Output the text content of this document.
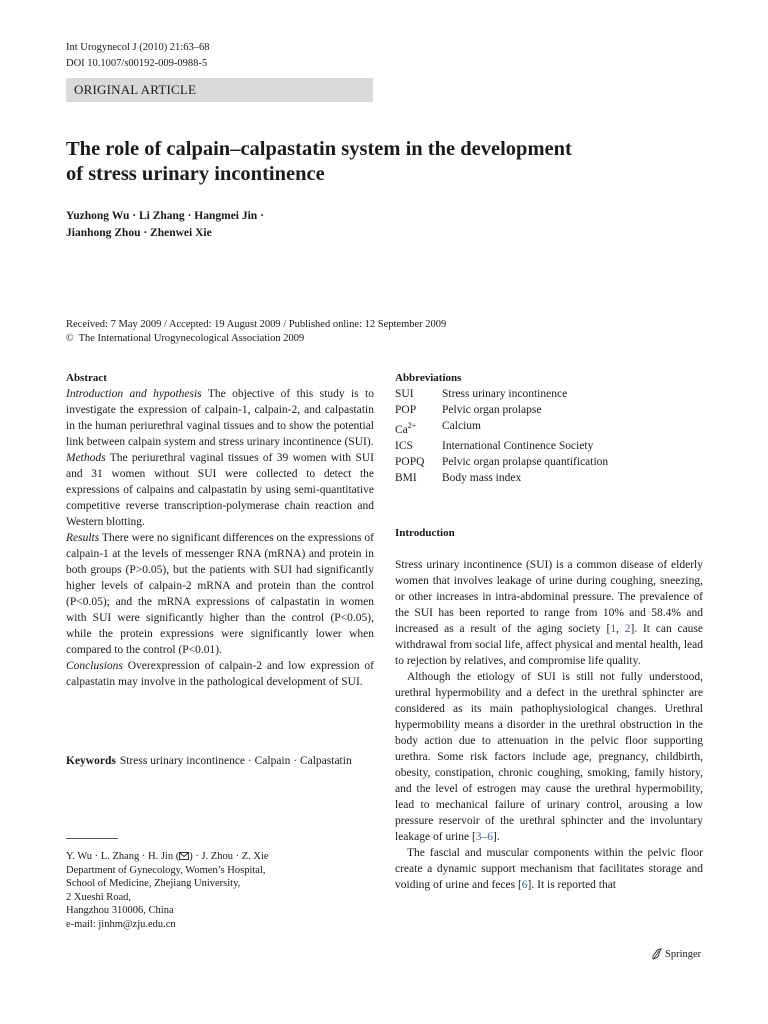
Int Urogynecol J (2010) 21:63–68
DOI 10.1007/s00192-009-0988-5
ORIGINAL ARTICLE
The role of calpain–calpastatin system in the development
of stress urinary incontinence
Yuzhong Wu · Li Zhang · Hangmei Jin ·
Jianhong Zhou · Zhenwei Xie
Received: 7 May 2009 / Accepted: 19 August 2009 / Published online: 12 September 2009
© The International Urogynecological Association 2009
Abstract
Introduction and hypothesis The objective of this study is to investigate the expression of calpain-1, calpain-2, and calpastatin in the human periurethral vaginal tissues and to show the potential link between calpain system and stress urinary incontinence (SUI).
Methods The periurethral vaginal tissues of 39 women with SUI and 31 women without SUI were collected to detect the expressions of calpains and calpastatin by using semi-quantitative competitive reverse transcription-polymerase chain reaction and Western blotting.
Results There were no significant differences on the expressions of calpain-1 at the levels of messenger RNA (mRNA) and protein in both groups (P>0.05), but the patients with SUI had significantly higher levels of calpain-2 mRNA and protein than the control (P<0.05); and the mRNA expressions of calpastatin in women with SUI were significantly higher than the control (P<0.05), while the protein expressions were significantly lower when compared to the control (P<0.01).
Conclusions Overexpression of calpain-2 and low expression of calpastatin may involve in the pathological development of SUI.
Keywords Stress urinary incontinence · Calpain · Calpastatin
Y. Wu · L. Zhang · H. Jin ( ) · J. Zhou · Z. Xie
Department of Gynecology, Women’s Hospital,
School of Medicine, Zhejiang University,
2 Xueshi Road,
Hangzhou 310006, China
e-mail: jinhm@zju.edu.cn
Abbreviations
SUI	Stress urinary incontinence
POP	Pelvic organ prolapse
$Ca^{2+}$	Calcium
ICS	International Continence Society
POPQ	Pelvic organ prolapse quantification
BMI	Body mass index
Introduction

Stress urinary incontinence (SUI) is a common disease of elderly women that involves leakage of urine during coughing, sneezing, or other increases in intra-abdominal pressure. The prevalence of the SUI has been reported to range from 10% and 58.4% and increased as a result of the aging society [1, 2]. It can cause withdrawal from social life, affect physical and mental health, lead to rejection by relatives, and compromise life quality.

Although the etiology of SUI is still not fully understood, urethral hypermobility and a defect in the urethral sphincter are considered as its main pathophysiological changes. Urethral hypermobility means a disorder in the urethral obstruction in the body action due to attenuation in the pelvic floor supporting urethra. Some risk factors include age, pregnancy, childbirth, obesity, constipation, chronic coughing, smoking, family history, and the level of estrogen may cause the urethral hypermobility, lead to mechanical failure of urinary control, arousing a low pressure reservoir of the urethral sphincter and the involuntary leakage of urine [3–6].

The fascial and muscular components within the pelvic floor create a dynamic support mechanism that facilitates storage and voiding of urine and feces [6]. It is reported that

Springer
